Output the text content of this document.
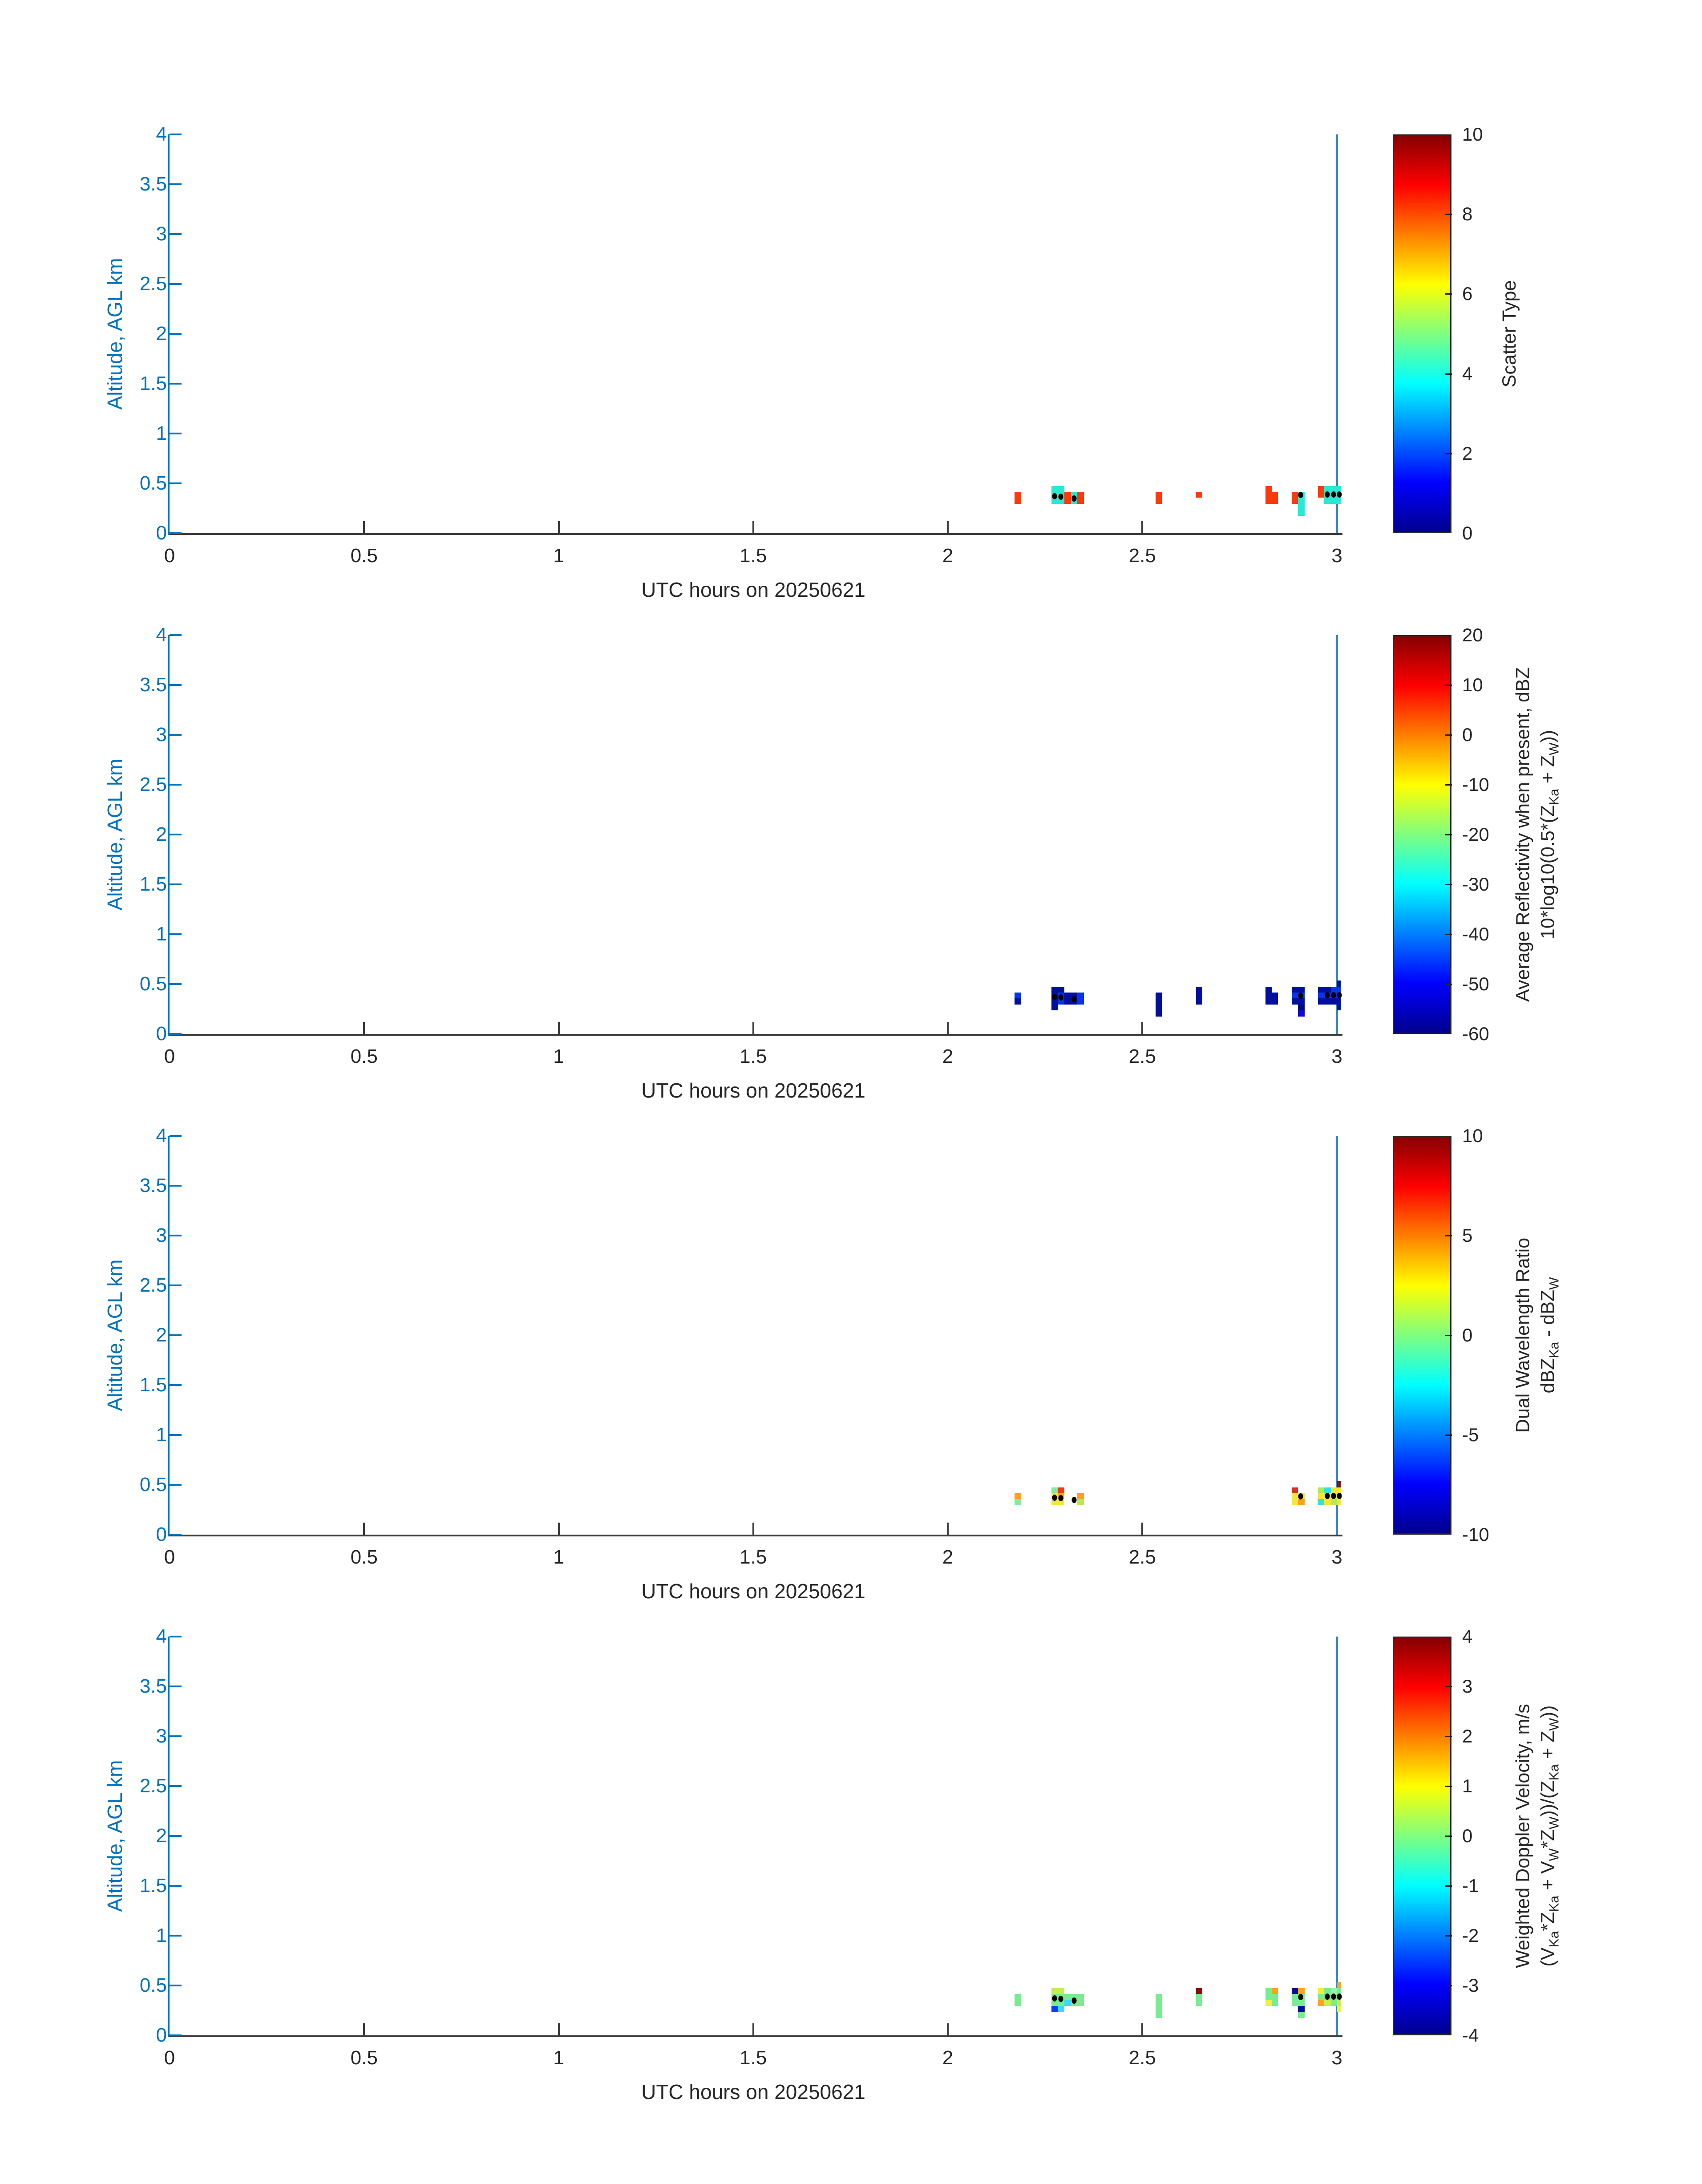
Altitude, AGL km
0	0.5	1	1.5	2	2.5	3
0
0.5
1
1.5
2
2.5
3
3.5
4
UTC hours on 20250621
0
2
4
6
8
10
Scatter Type
Altitude, AGL km
0	0.5	1	1.5	2	2.5	3
0
0.5
1
1.5
2
2.5
3
3.5
4
UTC hours on 20250621
-60
-50
-40
-30
-20
-10
0
10
20
Average Reflectivity when present, dBZ $10*\log 10(0.5*(Z_{Ka} + Z_W))$
Altitude, AGL km
0	0.5	1	1.5	2	2.5	3
0
0.5
1
1.5
2
2.5
3
3.5
4
UTC hours on 20250621
-10
-5
0
5
10
Dual Wavelength Ratio dBZ$_{Ka}$ - dBZ$_W$
Altitude, AGL km
0	0.5	1	1.5	2	2.5	3
0
0.5
1
1.5
2
2.5
3
3.5
4
UTC hours on 20250621
-4
-3
-2
-1
0
1
2
3
4
Weighted Doppler Velocity, m/s $(V_{Ka}*Z_{Ka} + V_W*Z_W))/(Z_{Ka} + Z_W)$)
